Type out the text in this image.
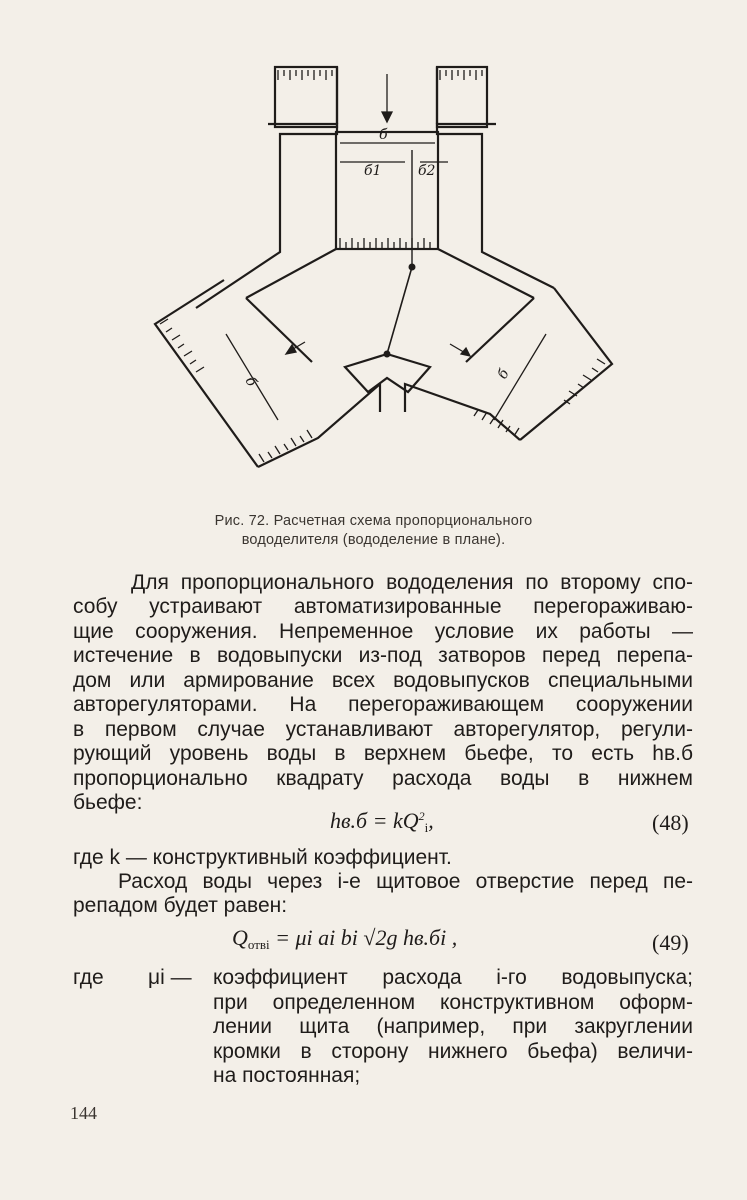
б
б1	б2
б	б
Рис. 72. Расчетная схема пропорционального
вододелителя (вододеление в плане).
Для пропорционального вододеления по второму спо-
собу устраивают автоматизированные перегораживаю-
щие сооружения. Непременное условие их работы —
истечение в водовыпуски из-под затворов перед перепа-
дом или армирование всех водовыпусков специальными
авторегуляторами. На перегораживающем сооружении
в первом случае устанавливают авторегулятор, регули-
рующий уровень воды в верхнем бьефе, то есть hв.б
пропорционально квадрату расхода воды в нижнем
бьефе:
$hв.б = kQ^2_i$,	(48)
где k — конструктивный коэффициент.
Расход воды через i-е щитовое отверстие перед пе-
репадом будет равен:
$Q_{отвi} = \mu i$ ai bi √2g hв.бi ,	(49)
где μi — коэффициент расхода i-го водовыпуска;
при определенном конструктивном оформ-
лении щита (например, при закруглении
кромки в сторону нижнего бьефа) величи-
на постоянная;
144
